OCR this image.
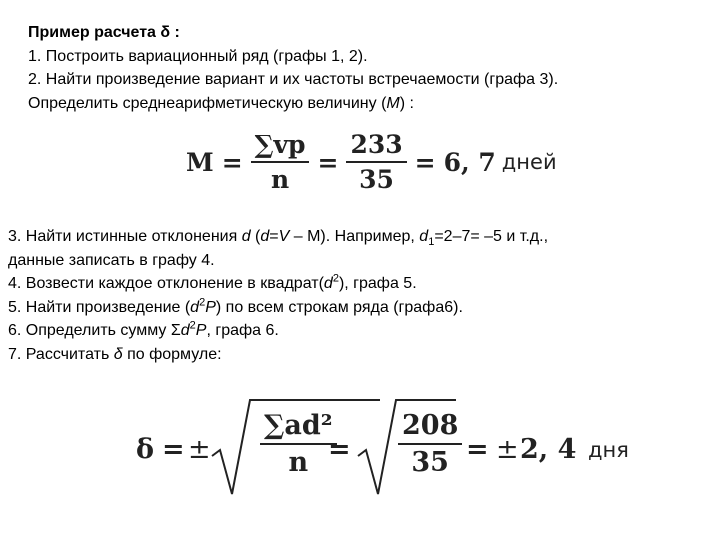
Пример расчета δ :
1. Построить вариационный ряд (графы 1, 2).
2. Найти произведение вариант и их частоты встречаемости (графа 3).
Определить среднеарифметическую величину (M) :
$M = \frac{\sum vp}{n} = \frac{233}{35} = 6$, 7 дней
3. Найти истинные отклонения d (d=V – М). Например, $d_1=2-7= -5$ и т.д.,
данные записать в графу 4.
4. Возвести каждое отклонение в $квадрат(d^2)$, графа 5.
5. Найти произведение $(d^2P)$ по всем строкам ряда (графа6).
6. Определить сумму $\Sigma d^2P$, графа 6.
7. Рассчитать δ по формуле:
δ = ± $\frac{\text{∑ad²}}{n}$
= $\frac{208}{35}$ = ± 2, 4 дня
